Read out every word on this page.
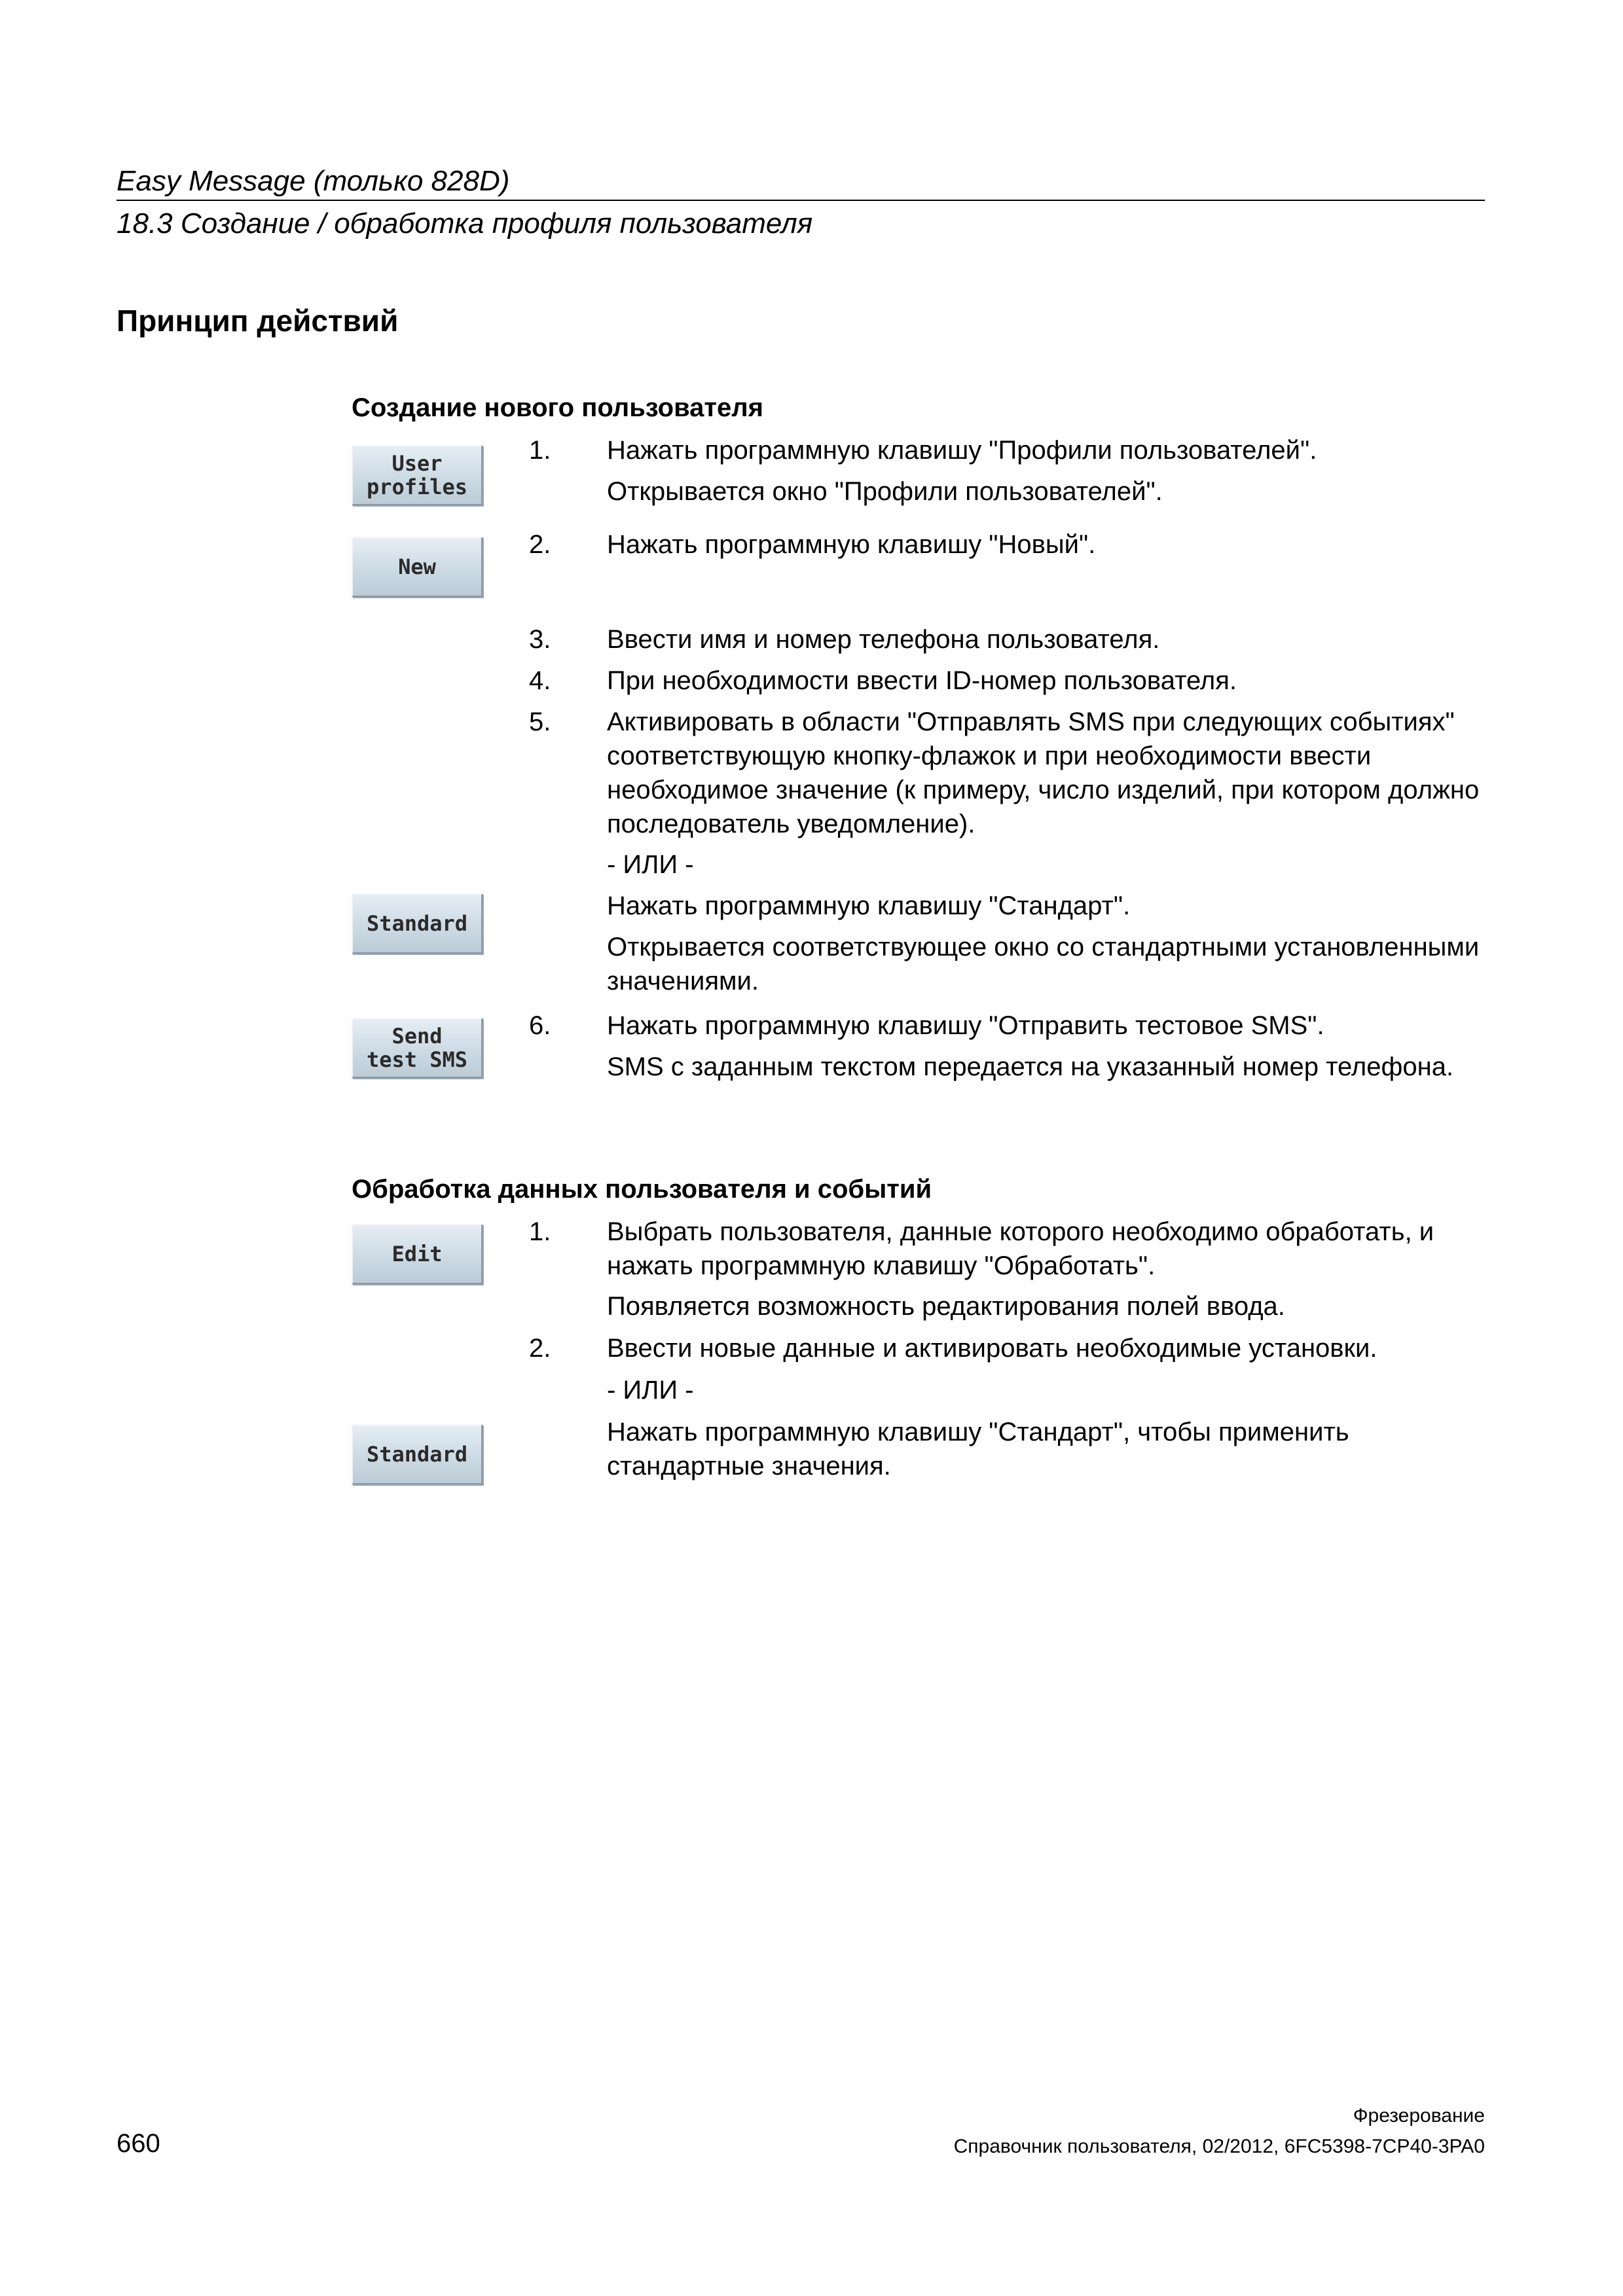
Easy Message (только 828D)
18.3 Создание / обработка профиля пользователя
Принцип действий
Создание нового пользователя
User
profiles
New
Standard
Send
test SMS
1. Нажать программную клавишу "Профили пользователей".
Открывается окно "Профили пользователей".
2. Нажать программную клавишу "Новый".
3. Ввести имя и номер телефона пользователя.
4. При необходимости ввести ID-номер пользователя.
5. Активировать в области "Отправлять SMS при следующих событиях" соответствующую кнопку-флажок и при необходимости ввести необходимое значение (к примеру, число изделий, при котором должно последователь уведомление).
- ИЛИ -
Нажать программную клавишу "Стандарт".
Открывается соответствующее окно со стандартными установленными значениями.
6. Нажать программную клавишу "Отправить тестовое SMS".
SMS с заданным текстом передается на указанный номер телефона.
Обработка данных пользователя и событий
Edit
Standard
1. Выбрать пользователя, данные которого необходимо обработать, и нажать программную клавишу "Обработать".
Появляется возможность редактирования полей ввода.
2. Ввести новые данные и активировать необходимые установки.
- ИЛИ -
Нажать программную клавишу "Стандарт", чтобы применить стандартные значения.
Фрезерование
660	Справочник пользователя, 02/2012, 6FC5398-7CP40-3PA0
